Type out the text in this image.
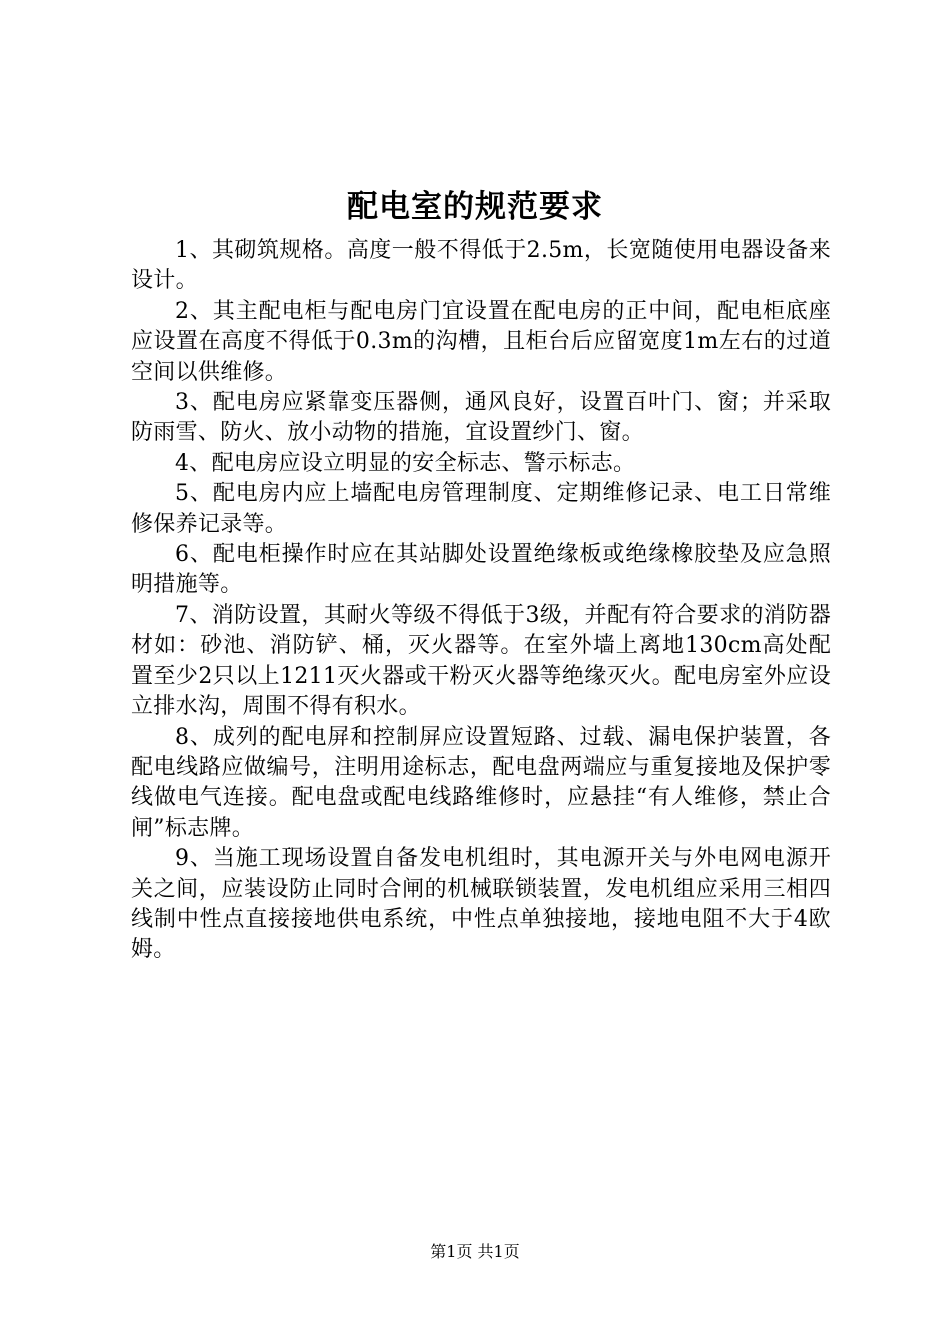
配电室的规范要求

1、其砌筑规格。高度一般不得低于2.5m，长宽随使用电器设备来设计。

2、其主配电柜与配电房门宜设置在配电房的正中间，配电柜底座应设置在高度不得低于0.3m的沟槽，且柜台后应留宽度1m左右的过道空间以供维修。

3、配电房应紧靠变压器侧，通风良好，设置百叶门、窗；并采取防雨雪、防火、放小动物的措施，宜设置纱门、窗。

4、配电房应设立明显的安全标志、警示标志。

5、配电房内应上墙配电房管理制度、定期维修记录、电工日常维修保养记录等。

6、配电柜操作时应在其站脚处设置绝缘板或绝缘橡胶垫及应急照明措施等。

7、消防设置，其耐火等级不得低于3级，并配有符合要求的消防器材如：砂池、消防铲、桶，灭火器等。在室外墙上离地130cm高处配置至少2只以上1211灭火器或干粉灭火器等绝缘灭火。配电房室外应设立排水沟，周围不得有积水。

8、成列的配电屏和控制屏应设置短路、过载、漏电保护装置，各配电线路应做编号，注明用途标志，配电盘两端应与重复接地及保护零线做电气连接。配电盘或配电线路维修时，应悬挂“有人维修，禁止合闸”标志牌。

9、当施工现场设置自备发电机组时，其电源开关与外电网电源开关之间，应装设防止同时合闸的机械联锁装置，发电机组应采用三相四线制中性点直接接地供电系统，中性点单独接地，接地电阻不大于4欧姆。

第1页 共1页
